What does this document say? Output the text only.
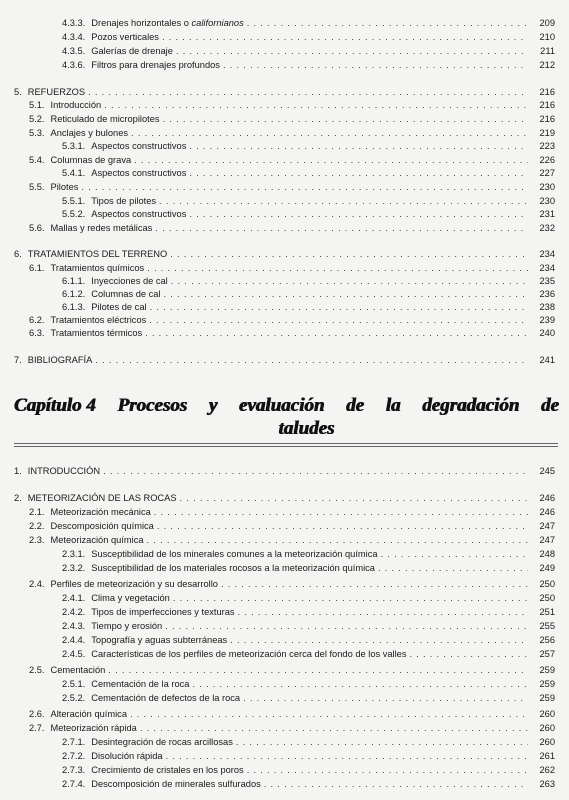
4.3.3. Drenajes horizontales o californianos . . .	209
4.3.4. Pozos verticales . . .	210
4.3.5. Galerías de drenaje . . .	211
4.3.6. Filtros para drenajes profundos . . .	212
5. REFUERZOS . . .	216
5.1. Introducción . . .	216
5.2. Reticulado de micropilotes . . .	216
5.3. Anclajes y bulones . . .	219
5.3.1. Aspectos constructivos . . .	223
5.4. Columnas de grava . . .	226
5.4.1. Aspectos constructivos . . .	227
5.5. Pilotes . . .	230
5.5.1. Tipos de pilotes . . .	230
5.5.2. Aspectos constructivos . . .	231
5.6. Mallas y redes metálicas . . .	232
6. TRATAMIENTOS DEL TERRENO . . .	234
6.1. Tratamientos químicos . . .	234
6.1.1. Inyecciones de cal . . .	235
6.1.2. Columnas de cal . . .	236
6.1.3. Pilotes de cal . . .	238
6.2. Tratamientos eléctricos . . .	239
6.3. Tratamientos térmicos . . .	240
7. BIBLIOGRAFÍA . . .	241
Capítulo 4 Procesos y evaluación de la degradación de
taludes
1. INTRODUCCIÓN . . .	245
2. METEORIZACIÓN DE LAS ROCAS . . .	246
2.1. Meteorización mecánica . . .	246
2.2. Descomposición química . . .	247
2.3. Meteorización química . . .	247
2.3.1. Susceptibilidad de los minerales comunes a la meteorización química . . .	248
2.3.2. Susceptibilidad de los materiales rocosos a la meteorización química . . .	249
2.4. Perfiles de meteorización y su desarrollo . . .	250
2.4.1. Clima y vegetación . . .	250
2.4.2. Tipos de imperfecciones y texturas . . .	251
2.4.3. Tiempo y erosión . . .	255
2.4.4. Topografía y aguas subterráneas . . .	256
2.4.5. Características de los perfiles de meteorización cerca del fondo de los valles . . .	257
2.5. Cementación . . .	259
2.5.1. Cementación de la roca . . .	259
2.5.2. Cementación de defectos de la roca . . .	259
2.6. Alteración química . . .	260
2.7. Meteorización rápida . . .	260
2.7.1. Desintegración de rocas arcillosas . . .	260
2.7.2. Disolución rápida . . .	261
2.7.3. Crecimiento de cristales en los poros . . .	262
2.7.4. Descomposición de minerales sulfurados . . .	263
